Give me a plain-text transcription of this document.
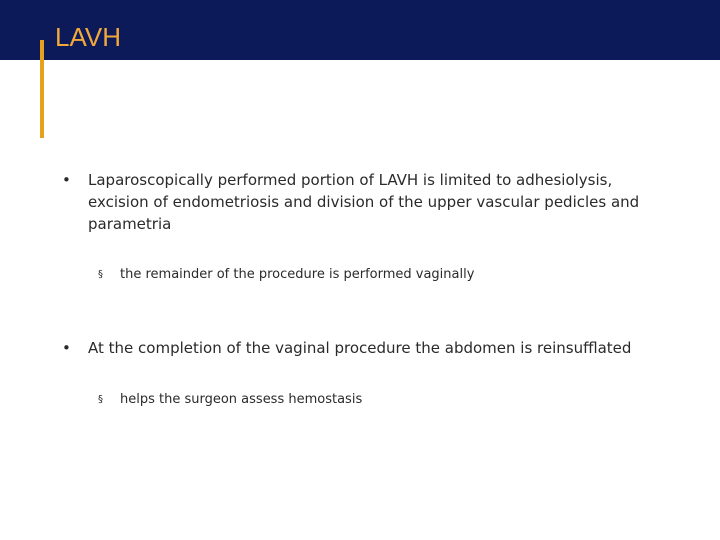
LAVH
• Laparoscopically performed portion of LAVH is limited to adhesiolysis, excision of endometriosis and division of the upper vascular pedicles and parametria
§ the remainder of the procedure is performed vaginally
• At the completion of the vaginal procedure the abdomen is reinsufflated
§ helps the surgeon assess hemostasis
